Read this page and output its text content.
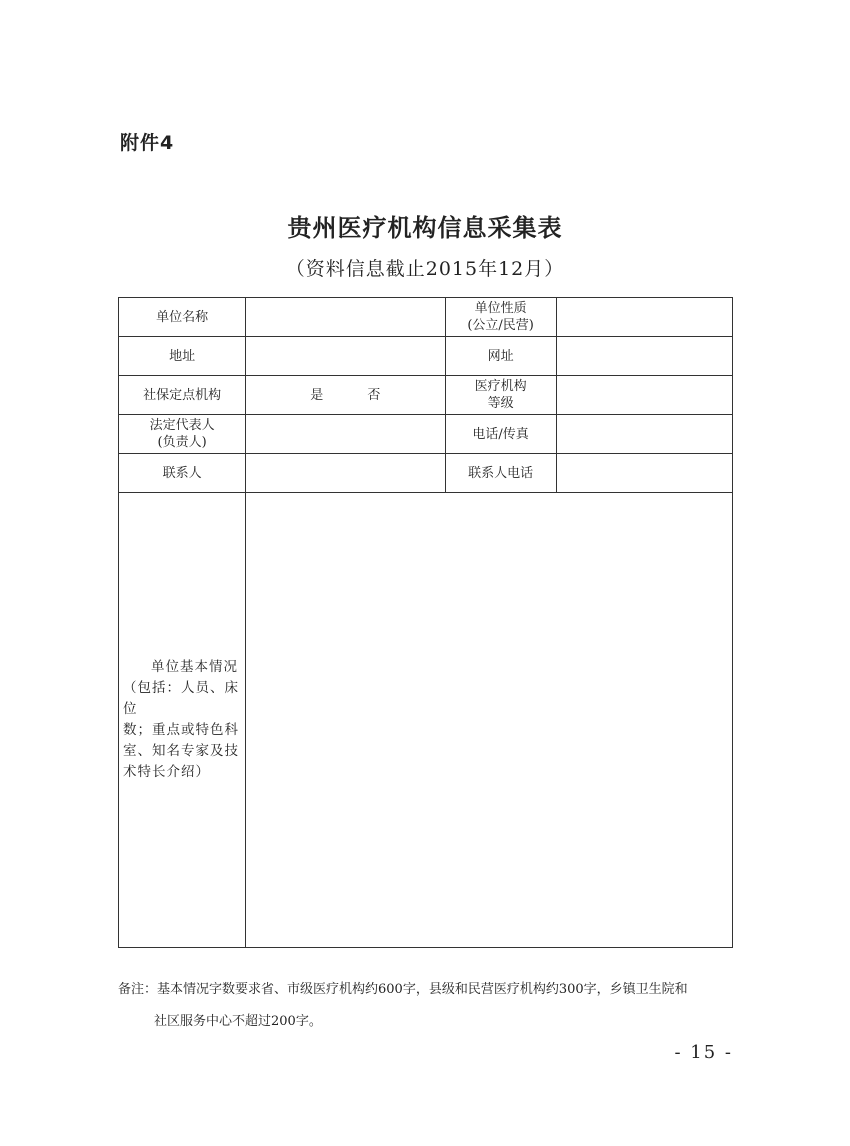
附件4
贵州医疗机构信息采集表
（资料信息截止2015年12月）
单位名称		单位性质
(公立/民营)	

地址		网址	
社保定点机构	是 否	医疗机构
等级	

法定代表人
(负责人)		电话/传真	
联系人		联系人电话	

单位基本情况
（包括：人员、床位
数；重点或特色科
室、知名专家及技
术特长介绍）			

备注：基本情况字数要求省、市级医疗机构约600字，县级和民营医疗机构约300字，乡镇卫生院和
社区服务中心不超过200字。
- 15 -
